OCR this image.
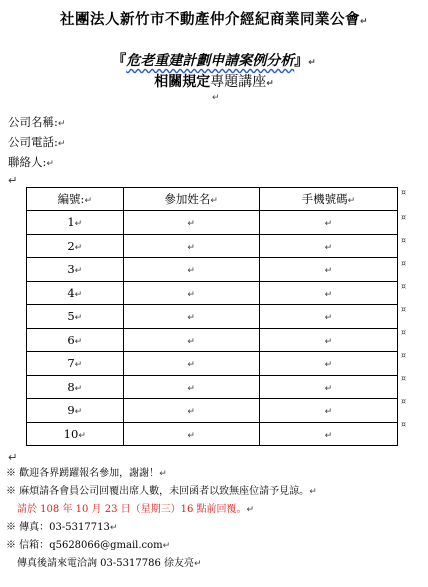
社團法人新竹市不動產仲介經紀商業同業公會↵
『危老重建計劃申請案例分析』↵
相關規定專題講座↵
↵
公司名稱:↵
公司電話:↵
聯絡人:↵
↵
編號:↵	參加姓名↵	手機號碼↵
1↵	↵	↵
2↵	↵	↵
3↵	↵	↵
4↵	↵	↵
5↵	↵	↵
6↵	↵	↵
7↵	↵	↵
8↵	↵	↵
9↵	↵	↵
10↵	↵	↵
¤
¤
¤
¤
¤
¤
¤
¤
¤
¤
¤
↵
※ 歡迎各界踴躍報名參加，謝謝！↵
※ 麻煩請各會員公司回覆出席人數，未回函者以致無座位請予見諒。↵
請於 108 年 10 月 23 日（星期三）16 點前回覆。↵
※ 傳真：03-5317713↵
※ 信箱：q5628066@gmail.com↵
傳真後請來電洽詢 03-5317786 徐友亮↵
